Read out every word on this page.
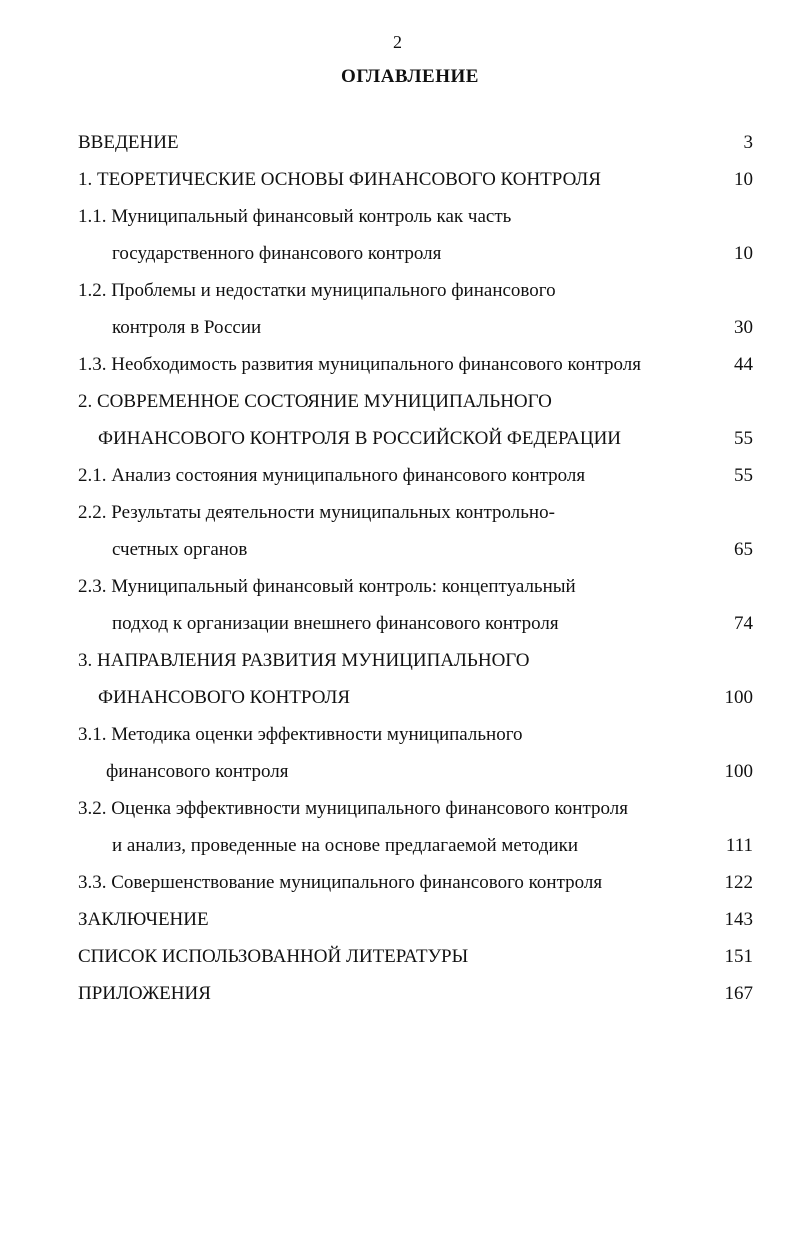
2
ОГЛАВЛЕНИЕ
ВВЕДЕНИЕ	3
1. ТЕОРЕТИЧЕСКИЕ ОСНОВЫ ФИНАНСОВОГО КОНТРОЛЯ	10
1.1. Муниципальный финансовый контроль как часть
государственного финансового контроля	10
1.2. Проблемы и недостатки муниципального финансового
контроля в России	30
1.3. Необходимость развития муниципального финансового контроля	44
2. СОВРЕМЕННОЕ СОСТОЯНИЕ МУНИЦИПАЛЬНОГО
ФИНАНСОВОГО КОНТРОЛЯ В РОССИЙСКОЙ ФЕДЕРАЦИИ	55
2.1. Анализ состояния муниципального финансового контроля	55
2.2. Результаты деятельности муниципальных контрольно-
счетных органов	65
2.3. Муниципальный финансовый контроль: концептуальный
подход к организации внешнего финансового контроля	74
3. НАПРАВЛЕНИЯ РАЗВИТИЯ МУНИЦИПАЛЬНОГО
ФИНАНСОВОГО КОНТРОЛЯ	100
3.1. Методика оценки эффективности муниципального
финансового контроля	100
3.2. Оценка эффективности муниципального финансового контроля
и анализ, проведенные на основе предлагаемой методики	111
3.3. Совершенствование муниципального финансового контроля	122
ЗАКЛЮЧЕНИЕ	143
СПИСОК ИСПОЛЬЗОВАННОЙ ЛИТЕРАТУРЫ	151
ПРИЛОЖЕНИЯ	167
